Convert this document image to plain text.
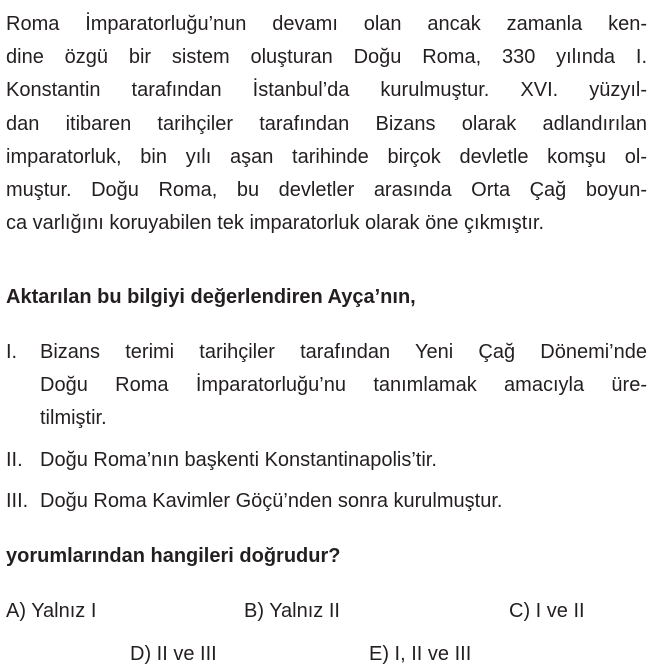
Roma İmparatorluğu’nun devamı olan ancak zamanla ken-
dine özgü bir sistem oluşturan Doğu Roma, 330 yılında I.
Konstantin tarafından İstanbul’da kurulmuştur. XVI. yüzyıl-
dan itibaren tarihçiler tarafından Bizans olarak adlandırılan
imparatorluk, bin yılı aşan tarihinde birçok devletle komşu ol-
muştur. Doğu Roma, bu devletler arasında Orta Çağ boyun-
ca varlığını koruyabilen tek imparatorluk olarak öne çıkmıştır.

Aktarılan bu bilgiyi değerlendiren Ayça’nın,

I.	Bizans terimi tarihçiler tarafından Yeni Çağ Dönemi’nde
Doğu Roma İmparatorluğu’nu tanımlamak amacıyla üre-
tilmiştir.
II. Doğu Roma’nın başkenti Konstantinapolis’tir.
III. Doğu Roma Kavimler Göçü’nden sonra kurulmuştur.

yorumlarından hangileri doğrudur?

A) Yalnız I	B) Yalnız II	C) I ve II
D) II ve III	E) I, II ve III
